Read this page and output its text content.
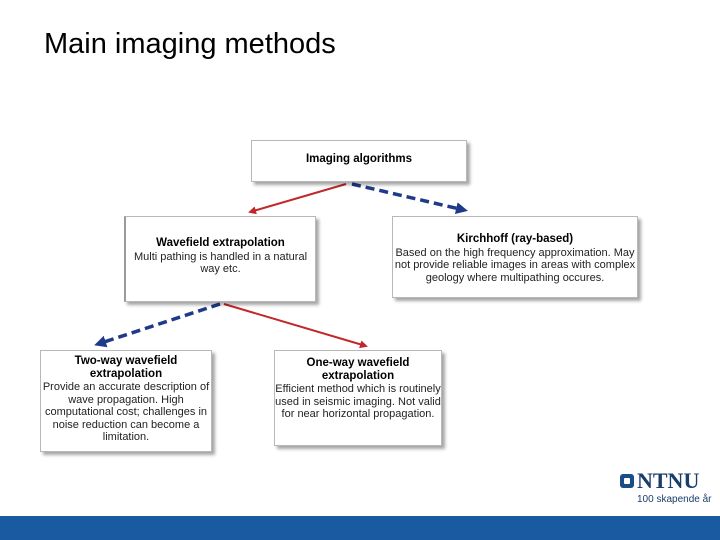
Main imaging methods
Imaging algorithms
Wavefield extrapolation
Multi pathing is handled in a natural way etc.
Kirchhoff (ray-based)
Based on the high frequency approximation. May not provide reliable images in areas with complex geology where multipathing occures.
Two-way wavefield extrapolation
Provide an accurate description of wave propagation. High computational cost; challenges in noise reduction can become a limitation.
One-way wavefield extrapolation
Efficient method which is routinely used in seismic imaging. Not valid for near horizontal propagation.
NTNU
100 skapende år
